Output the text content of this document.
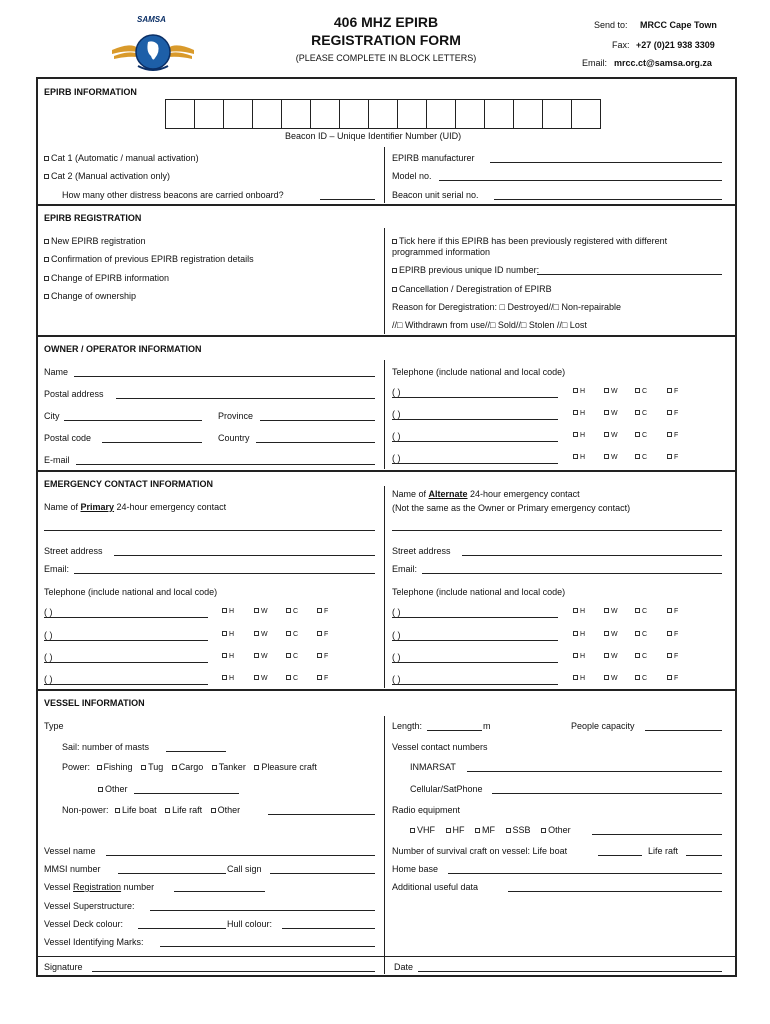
SAMSA	406 MHZ EPIRB
REGISTRATION FORM
(PLEASE COMPLETE IN BLOCK LETTERS)
Send to: MRCC Cape Town
Fax: +27 (0)21 938 3309
Email: mrcc.ct@samsa.org.za
EPIRB INFORMATION
Beacon ID – Unique Identifier Number (UID)
Cat 1 (Automatic / manual activation)
Cat 2 (Manual activation only)
How many other distress beacons are carried onboard?
EPIRB manufacturer
Model no.
Beacon unit serial no.
EPIRB REGISTRATION
New EPIRB registration
Confirmation of previous EPIRB registration details
Change of EPIRB information
Change of ownership
Tick here if this EPIRB has been previously registered with different
programmed information
EPIRB previous unique ID number:
Cancellation / Deregistration of EPIRB
Reason for Deregistration: □ Destroyed//□ Non-repairable
//□ Withdrawn from use//□ Sold//□ Stolen //□ Lost
OWNER / OPERATOR INFORMATION
Name
Postal address
City	Province
Postal code	Country
E-mail
Telephone (include national and local code)
( )	H	W	C	F
( )	H	W	C	F
( )	H	W	C	F
( )	H	W	C	F
EMERGENCY CONTACT INFORMATION
Name of Primary 24-hour emergency contact
Name of Alternate 24-hour emergency contact
(Not the same as the Owner or Primary emergency contact)
Street address
Email:
Street address
Email:
Telephone (include national and local code)	Telephone (include national and local code)
( )	H	W	C	F
( )	H	W	C	F
( )	H	W	C	F
( )	H	W	C	F
( )	H	W	C	F
( )	H	W	C	F
( )	H	W	C	F
( )	H	W	C	F
VESSEL INFORMATION
Type
Sail: number of masts
Power: Fishing Tug Cargo Tanker Pleasure craft
Other
Non-power: Life boat Life raft Other
Vessel name
MMSI number	Call sign
Vessel Registration number
Vessel Superstructure:
Vessel Deck colour:	Hull colour:
Vessel Identifying Marks:
Length:	m	People capacity
Vessel contact numbers
INMARSAT
Cellular/SatPhone
Radio equipment
VHF HF MF SSB Other
Number of survival craft on vessel: Life boat	Life raft
Home base
Additional useful data
Signature	Date
